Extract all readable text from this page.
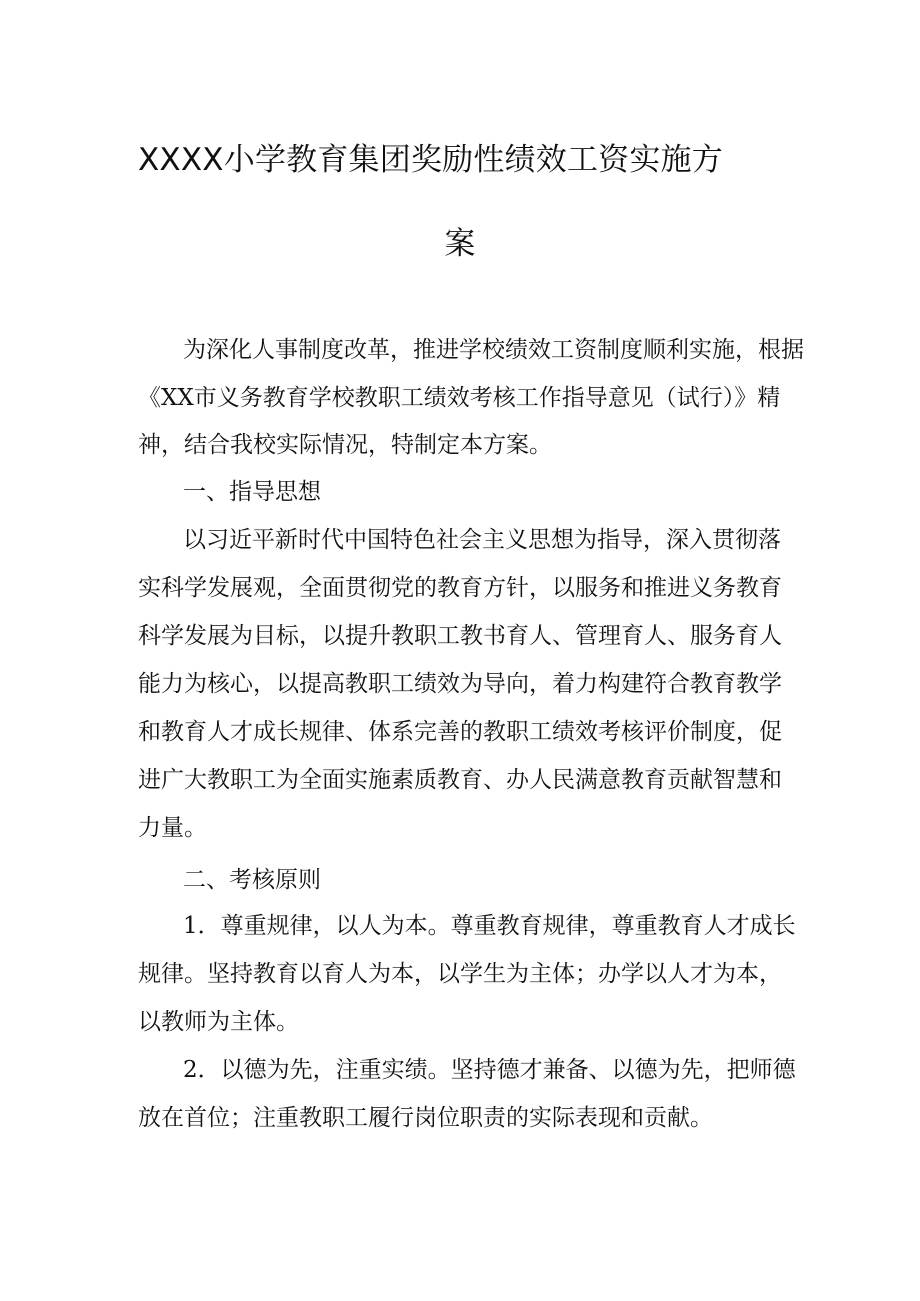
XXXX小学教育集团奖励性绩效工资实施方
案
为深化人事制度改革，推进学校绩效工资制度顺利实施，根据
《XX市义务教育学校教职工绩效考核工作指导意见（试行）》精
神，结合我校实际情况，特制定本方案。
一、指导思想
以习近平新时代中国特色社会主义思想为指导，深入贯彻落
实科学发展观，全面贯彻党的教育方针，以服务和推进义务教育
科学发展为目标，以提升教职工教书育人、管理育人、服务育人
能力为核心，以提高教职工绩效为导向，着力构建符合教育教学
和教育人才成长规律、体系完善的教职工绩效考核评价制度，促
进广大教职工为全面实施素质教育、办人民满意教育贡献智慧和
力量。
二、考核原则
1．尊重规律，以人为本。尊重教育规律，尊重教育人才成长
规律。坚持教育以育人为本，以学生为主体；办学以人才为本，
以教师为主体。
2．以德为先，注重实绩。坚持德才兼备、以德为先，把师德
放在首位；注重教职工履行岗位职责的实际表现和贡献。
